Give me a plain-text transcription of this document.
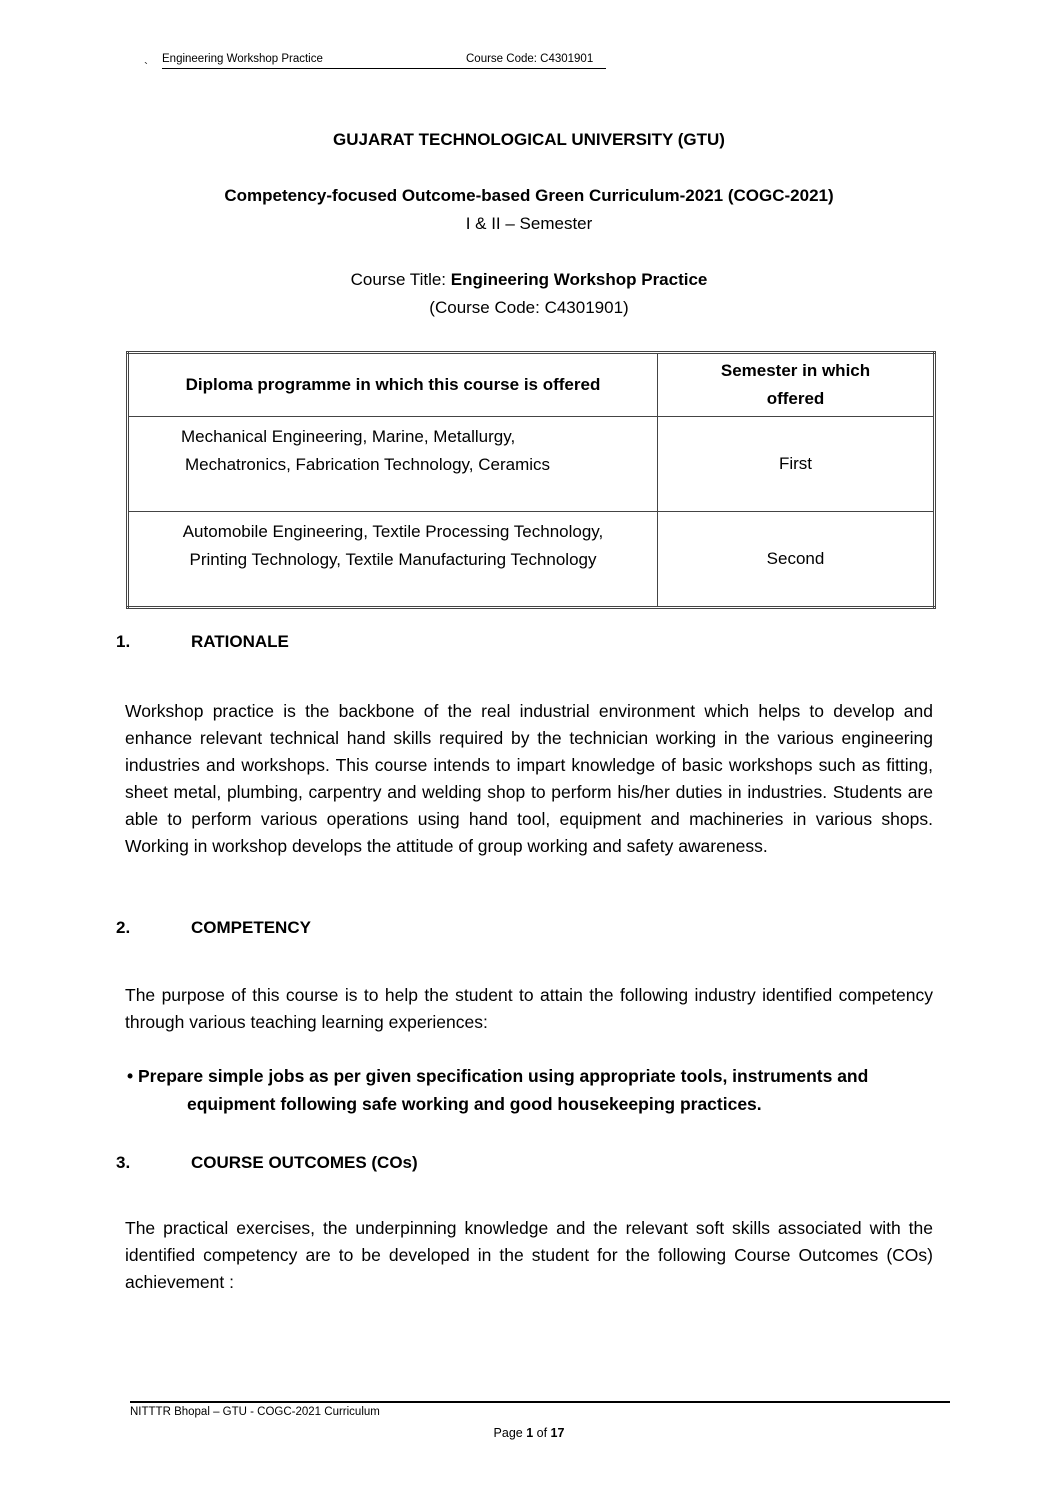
`
Engineering Workshop Practice	Course Code: C4301901
GUJARAT TECHNOLOGICAL UNIVERSITY (GTU)
Competency-focused Outcome-based Green Curriculum-2021 (COGC-2021)
I & II – Semester
Course Title: Engineering Workshop Practice
(Course Code: C4301901)
Diploma programme in which this course is offered	Semester in which offered

Mechanical Engineering, Marine, Metallurgy,
Mechatronics, Fabrication Technology, Ceramics	First

Automobile Engineering, Textile Processing Technology,
Printing Technology, Textile Manufacturing Technology	Second
1.	RATIONALE
Workshop practice is the backbone of the real industrial environment which helps to develop and enhance relevant technical hand skills required by the technician working in the various engineering industries and workshops. This course intends to impart knowledge of basic workshops such as fitting, sheet metal, plumbing, carpentry and welding shop to perform his/her duties in industries. Students are able to perform various operations using hand tool, equipment and machineries in various shops. Working in workshop develops the attitude of group working and safety awareness.
2.	COMPETENCY
The purpose of this course is to help the student to attain the following industry identified competency through various teaching learning experiences:
• Prepare simple jobs as per given specification using appropriate tools, instruments and
equipment following safe working and good housekeeping practices.
3.	COURSE OUTCOMES (COs)
The practical exercises, the underpinning knowledge and the relevant soft skills associated with the identified competency are to be developed in the student for the following Course Outcomes (COs) achievement :
NITTTR Bhopal – GTU - COGC-2021 Curriculum
Page 1 of 17
